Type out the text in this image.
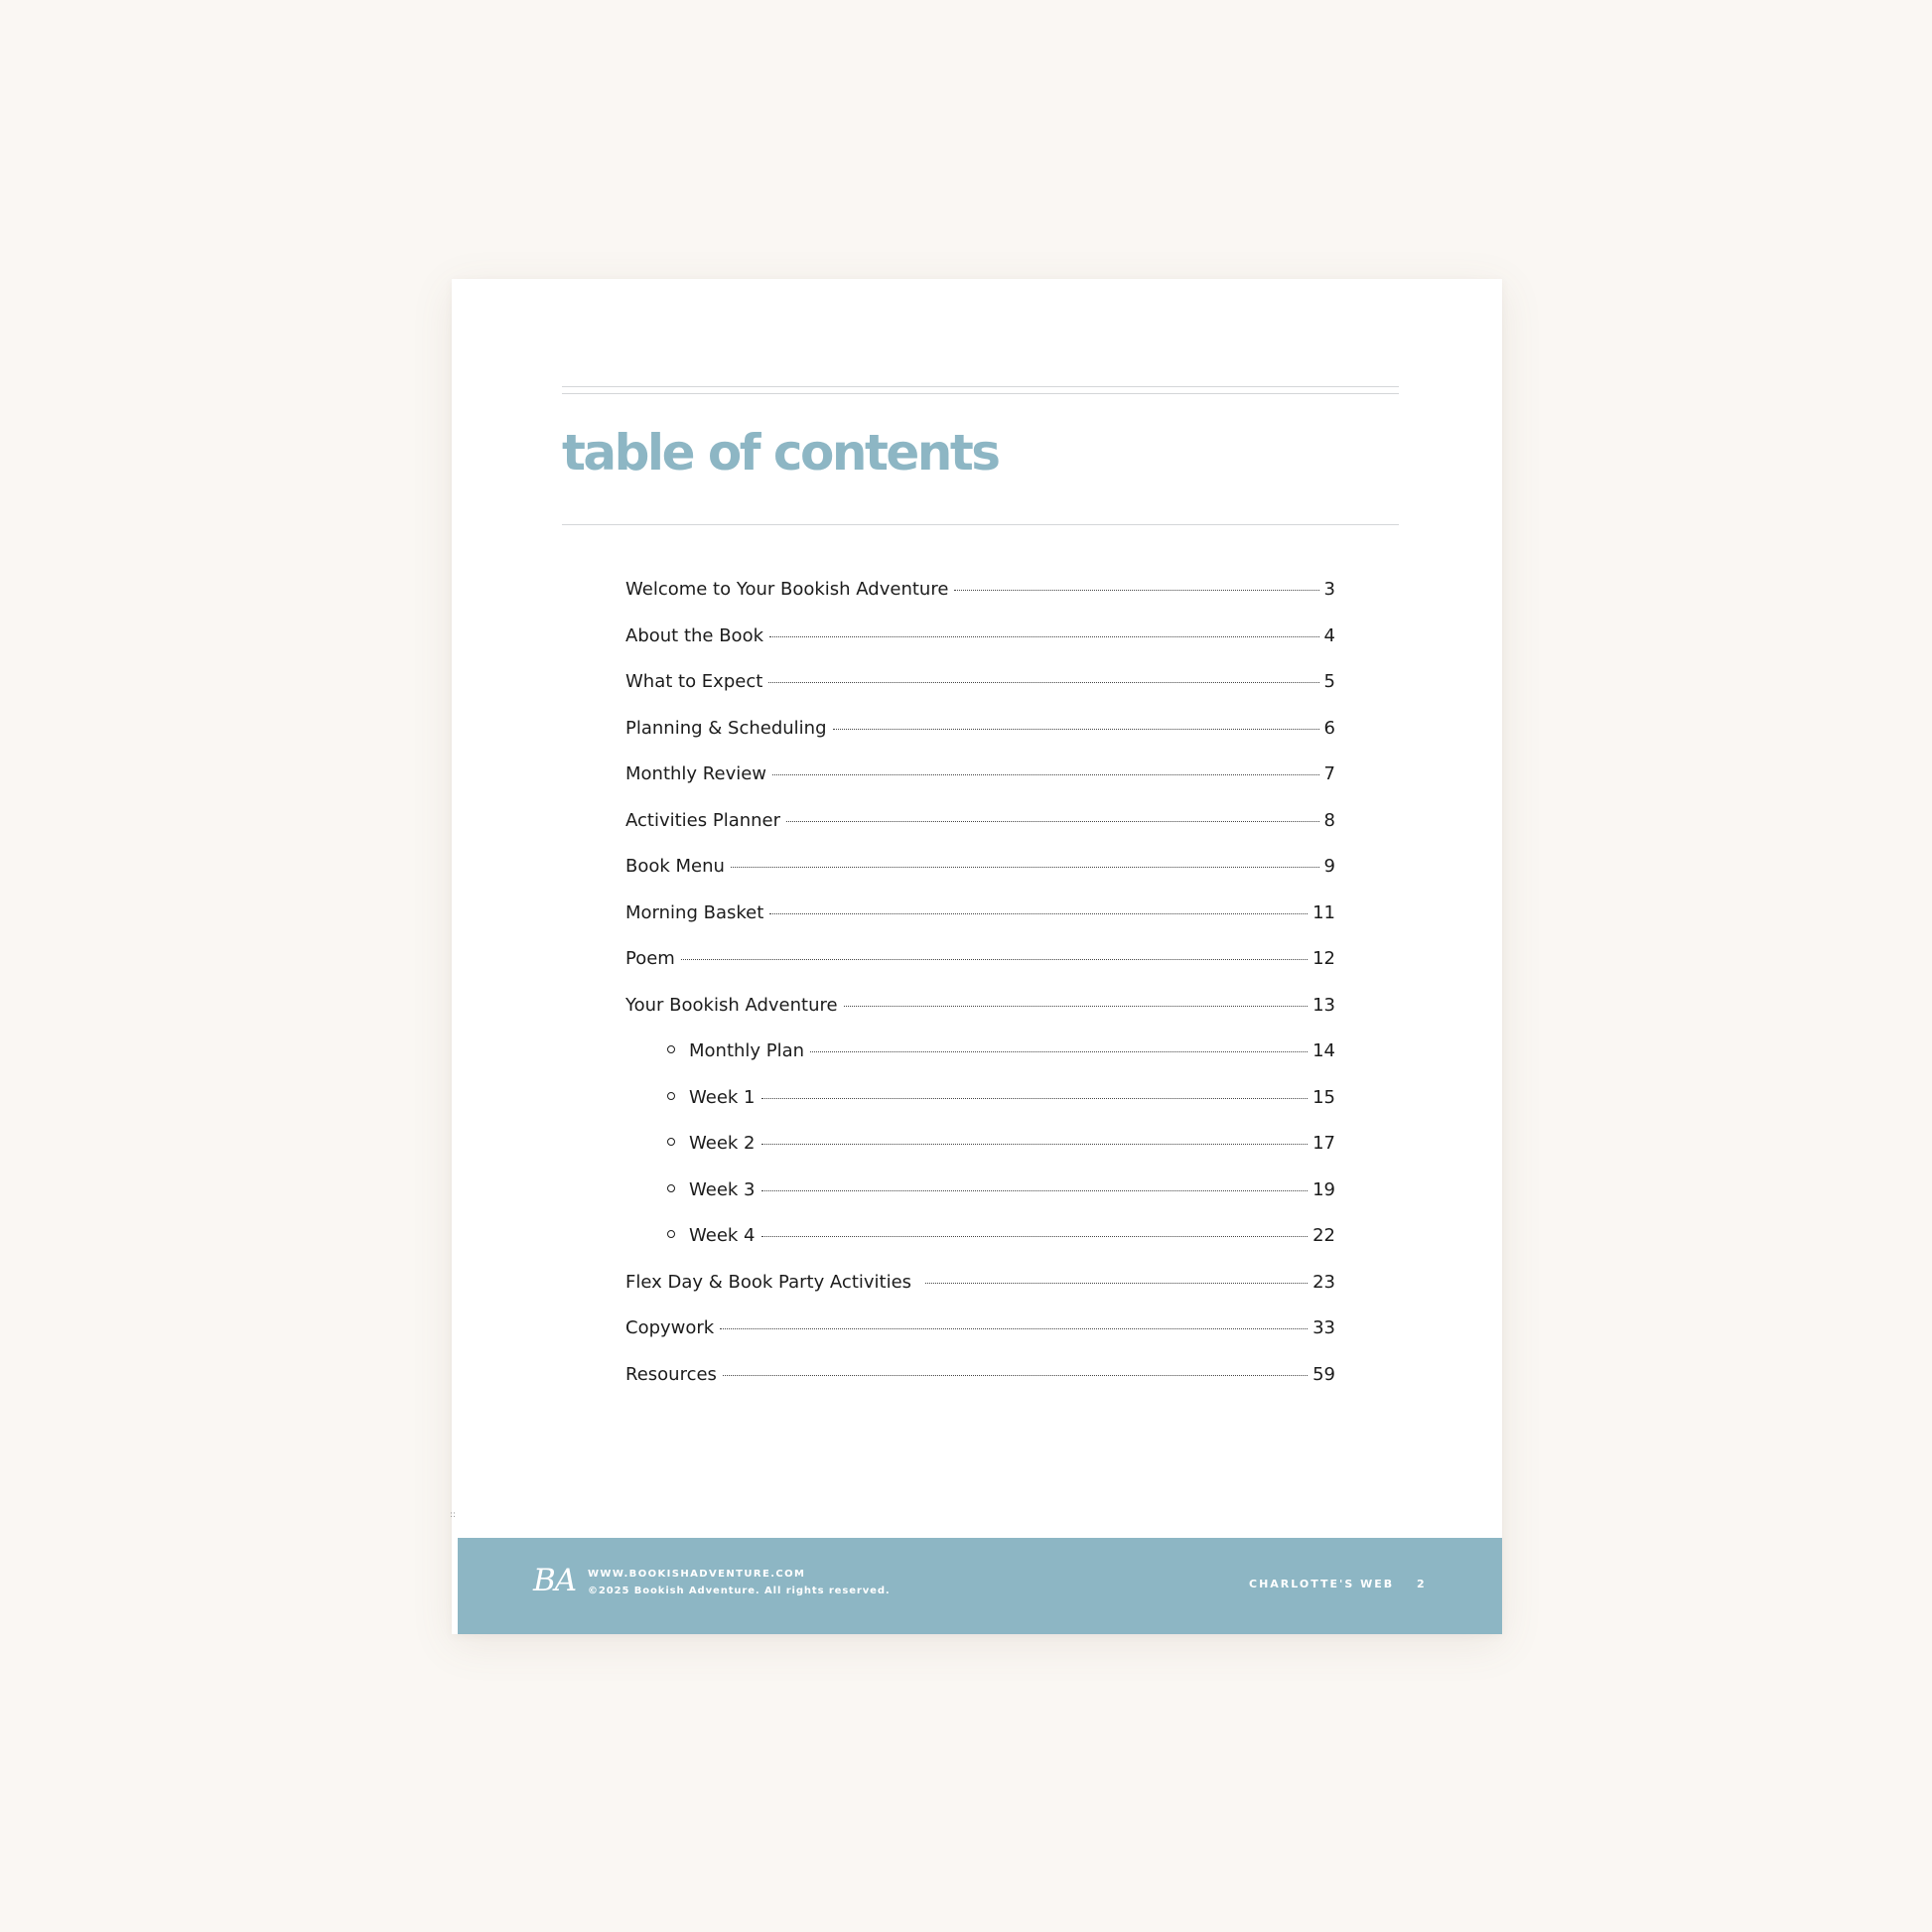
table of contents
Welcome to Your Bookish Adventure	3
About the Book	4
What to Expect	5
Planning & Scheduling	6
Monthly Review	7
Activities Planner	8
Book Menu	9
Morning Basket	11
Poem	12
Your Bookish Adventure	13
Monthly Plan	14
Week 1	15
Week 2	17
Week 3	19
Week 4	22
Flex Day & Book Party Activities	23
Copywork	33
Resources	59
::
BA WWW.BOOKISHADVENTURE.COM
©2025 Bookish Adventure. All rights reserved.
CHARLOTTE'S WEB 2
